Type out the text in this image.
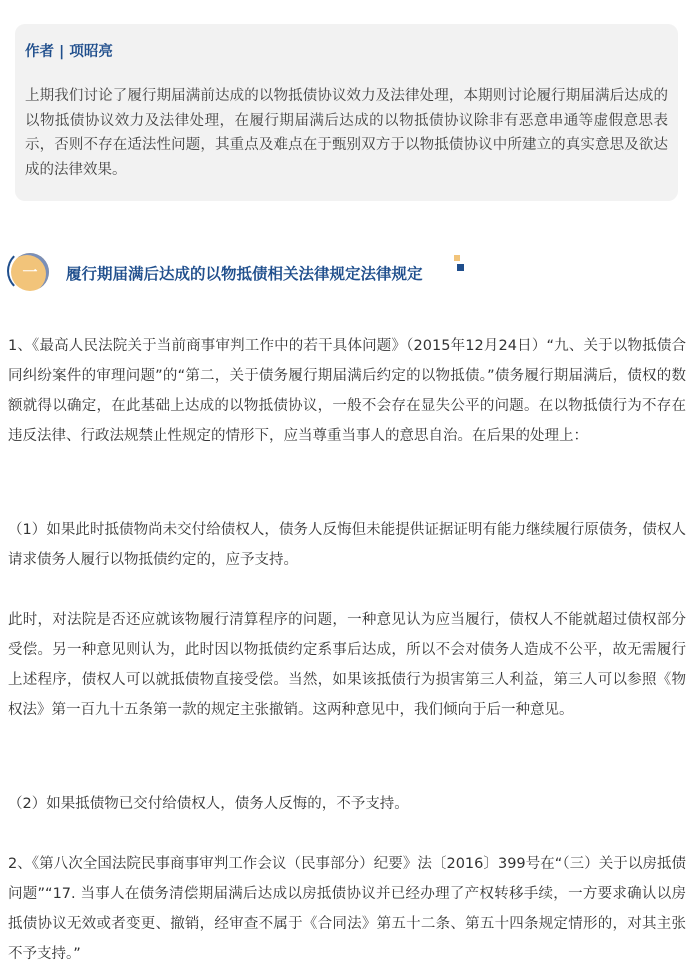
作者 | 项昭亮

上期我们讨论了履行期届满前达成的以物抵债协议效力及法律处理，本期则讨论履行期届满后达成的以物抵债协议效力及法律处理，在履行期届满后达成的以物抵债协议除非有恶意串通等虚假意思表示，否则不存在适法性问题，其重点及难点在于甄别双方于以物抵债协议中所建立的真实意思及欲达成的法律效果。

一	履行期届满后达成的以物抵债相关法律规定法律规定

1、《最高人民法院关于当前商事审判工作中的若干具体问题》（2015年12月24日）“九、关于以物抵债合同纠纷案件的审理问题”的“第二，关于债务履行期届满后约定的以物抵债。”债务履行期届满后，债权的数额就得以确定，在此基础上达成的以物抵债协议，一般不会存在显失公平的问题。在以物抵债行为不存在违反法律、行政法规禁止性规定的情形下，应当尊重当事人的意思自治。在后果的处理上：

（1）如果此时抵债物尚未交付给债权人，债务人反悔但未能提供证据证明有能力继续履行原债务，债权人请求债务人履行以物抵债约定的，应予支持。

此时，对法院是否还应就该物履行清算程序的问题，一种意见认为应当履行，债权人不能就超过债权部分受偿。另一种意见则认为，此时因以物抵债约定系事后达成，所以不会对债务人造成不公平，故无需履行上述程序，债权人可以就抵债物直接受偿。当然，如果该抵债行为损害第三人利益，第三人可以参照《物权法》第一百九十五条第一款的规定主张撤销。这两种意见中，我们倾向于后一种意见。

（2）如果抵债物已交付给债权人，债务人反悔的，不予支持。

2、《第八次全国法院民事商事审判工作会议（民事部分）纪要》法〔2016〕399号在“（三）关于以房抵债问题”“17. 当事人在债务清偿期届满后达成以房抵债协议并已经办理了产权转移手续，一方要求确认以房抵债协议无效或者变更、撤销，经审查不属于《合同法》第五十二条、第五十四条规定情形的，对其主张不予支持。”
